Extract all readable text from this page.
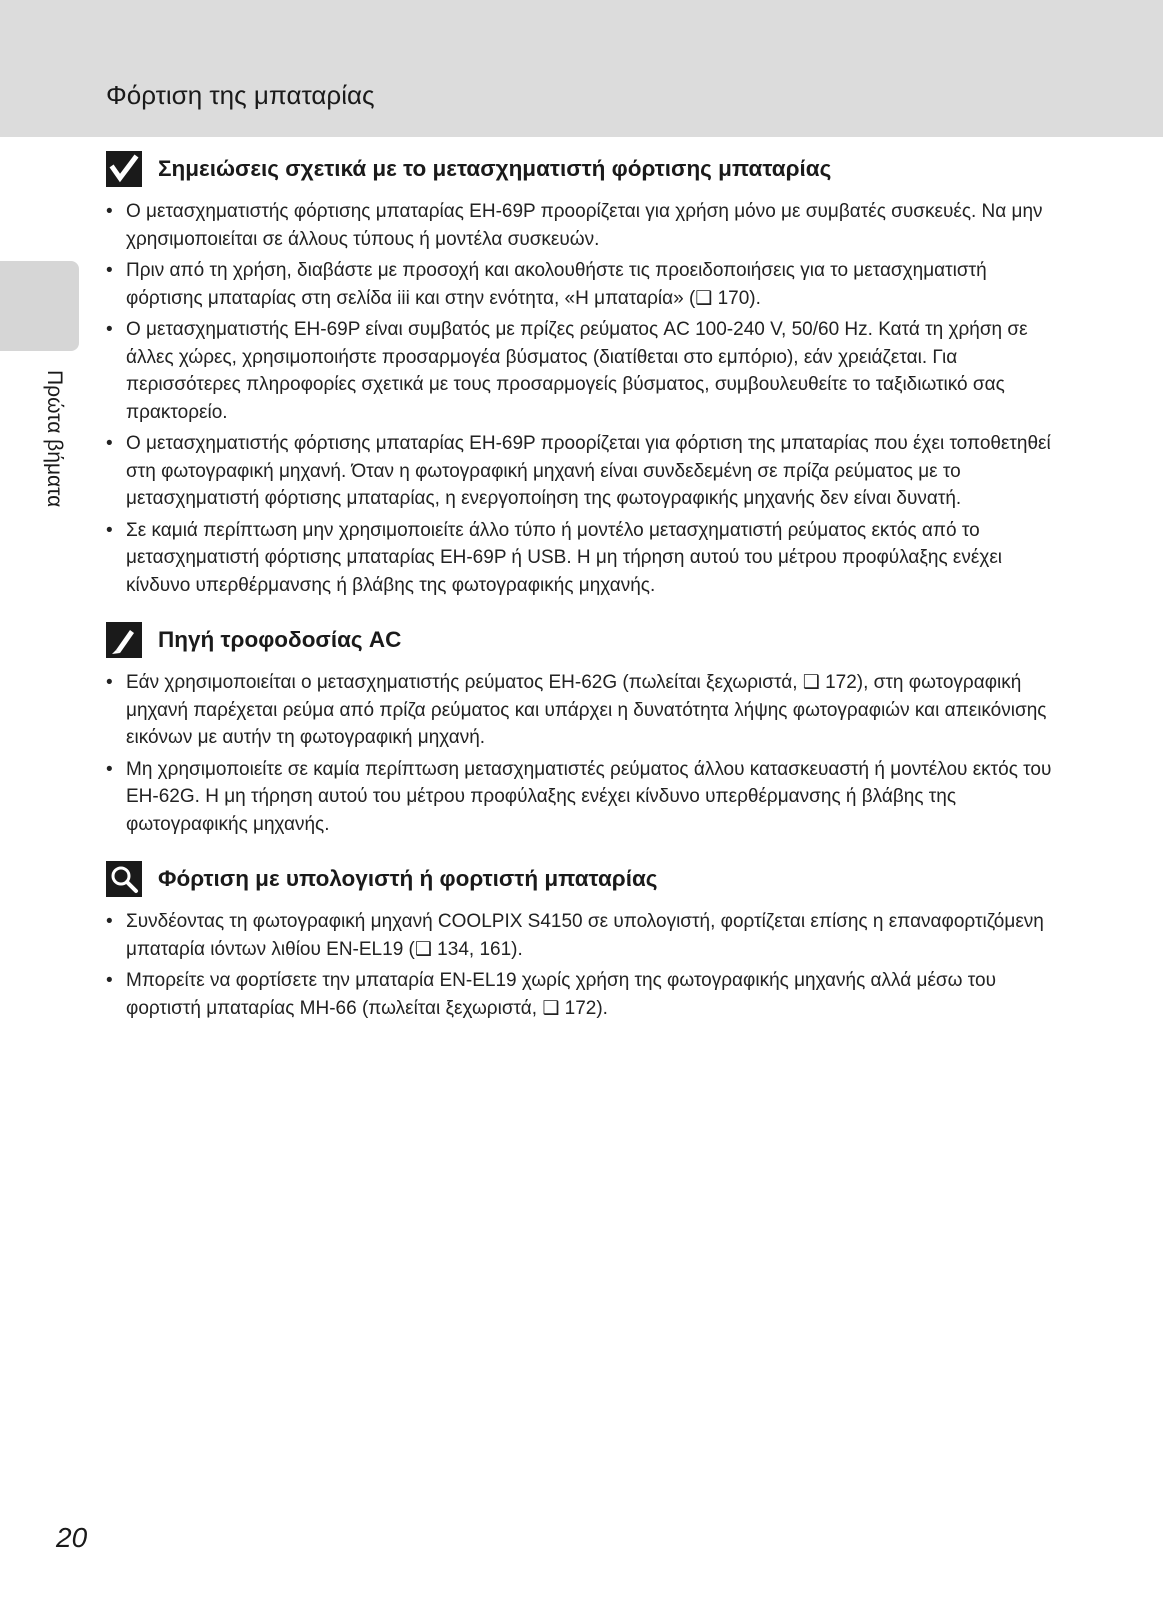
Φόρτιση της μπαταρίας
Πρώτα βήματα
Σημειώσεις σχετικά με το μετασχηματιστή φόρτισης μπαταρίας
• Ο μετασχηματιστής φόρτισης μπαταρίας EH-69P προορίζεται για χρήση μόνο με συμβατές συσκευές. Να μην χρησιμοποιείται σε άλλους τύπους ή μοντέλα συσκευών.
• Πριν από τη χρήση, διαβάστε με προσοχή και ακολουθήστε τις προειδοποιήσεις για το μετασχηματιστή φόρτισης μπαταρίας στη σελίδα iii και στην ενότητα, «Η μπαταρία» (❑ 170).
• Ο μετασχηματιστής EH-69P είναι συμβατός με πρίζες ρεύματος AC 100-240 V, 50/60 Hz. Κατά τη χρήση σε άλλες χώρες, χρησιμοποιήστε προσαρμογέα βύσματος (διατίθεται στο εμπόριο), εάν χρειάζεται. Για περισσότερες πληροφορίες σχετικά με τους προσαρμογείς βύσματος, συμβουλευθείτε το ταξιδιωτικό σας πρακτορείο.
• Ο μετασχηματιστής φόρτισης μπαταρίας EH-69P προορίζεται για φόρτιση της μπαταρίας που έχει τοποθετηθεί στη φωτογραφική μηχανή. Όταν η φωτογραφική μηχανή είναι συνδεδεμένη σε πρίζα ρεύματος με το μετασχηματιστή φόρτισης μπαταρίας, η ενεργοποίηση της φωτογραφικής μηχανής δεν είναι δυνατή.
• Σε καμιά περίπτωση μην χρησιμοποιείτε άλλο τύπο ή μοντέλο μετασχηματιστή ρεύματος εκτός από το μετασχηματιστή φόρτισης μπαταρίας EH-69P ή USB. Η μη τήρηση αυτού του μέτρου προφύλαξης ενέχει κίνδυνο υπερθέρμανσης ή βλάβης της φωτογραφικής μηχανής.
Πηγή τροφοδοσίας AC
• Εάν χρησιμοποιείται ο μετασχηματιστής ρεύματος EH-62G (πωλείται ξεχωριστά, ❑ 172), στη φωτογραφική μηχανή παρέχεται ρεύμα από πρίζα ρεύματος και υπάρχει η δυνατότητα λήψης φωτογραφιών και απεικόνισης εικόνων με αυτήν τη φωτογραφική μηχανή.
• Μη χρησιμοποιείτε σε καμία περίπτωση μετασχηματιστές ρεύματος άλλου κατασκευαστή ή μοντέλου εκτός του EH-62G. Η μη τήρηση αυτού του μέτρου προφύλαξης ενέχει κίνδυνο υπερθέρμανσης ή βλάβης της φωτογραφικής μηχανής.
Φόρτιση με υπολογιστή ή φορτιστή μπαταρίας
• Συνδέοντας τη φωτογραφική μηχανή COOLPIX S4150 σε υπολογιστή, φορτίζεται επίσης η επαναφορτιζόμενη μπαταρία ιόντων λιθίου EN-EL19 (❑ 134, 161).
• Μπορείτε να φορτίσετε την μπαταρία EN-EL19 χωρίς χρήση της φωτογραφικής μηχανής αλλά μέσω του φορτιστή μπαταρίας MH-66 (πωλείται ξεχωριστά, ❑ 172).
20
